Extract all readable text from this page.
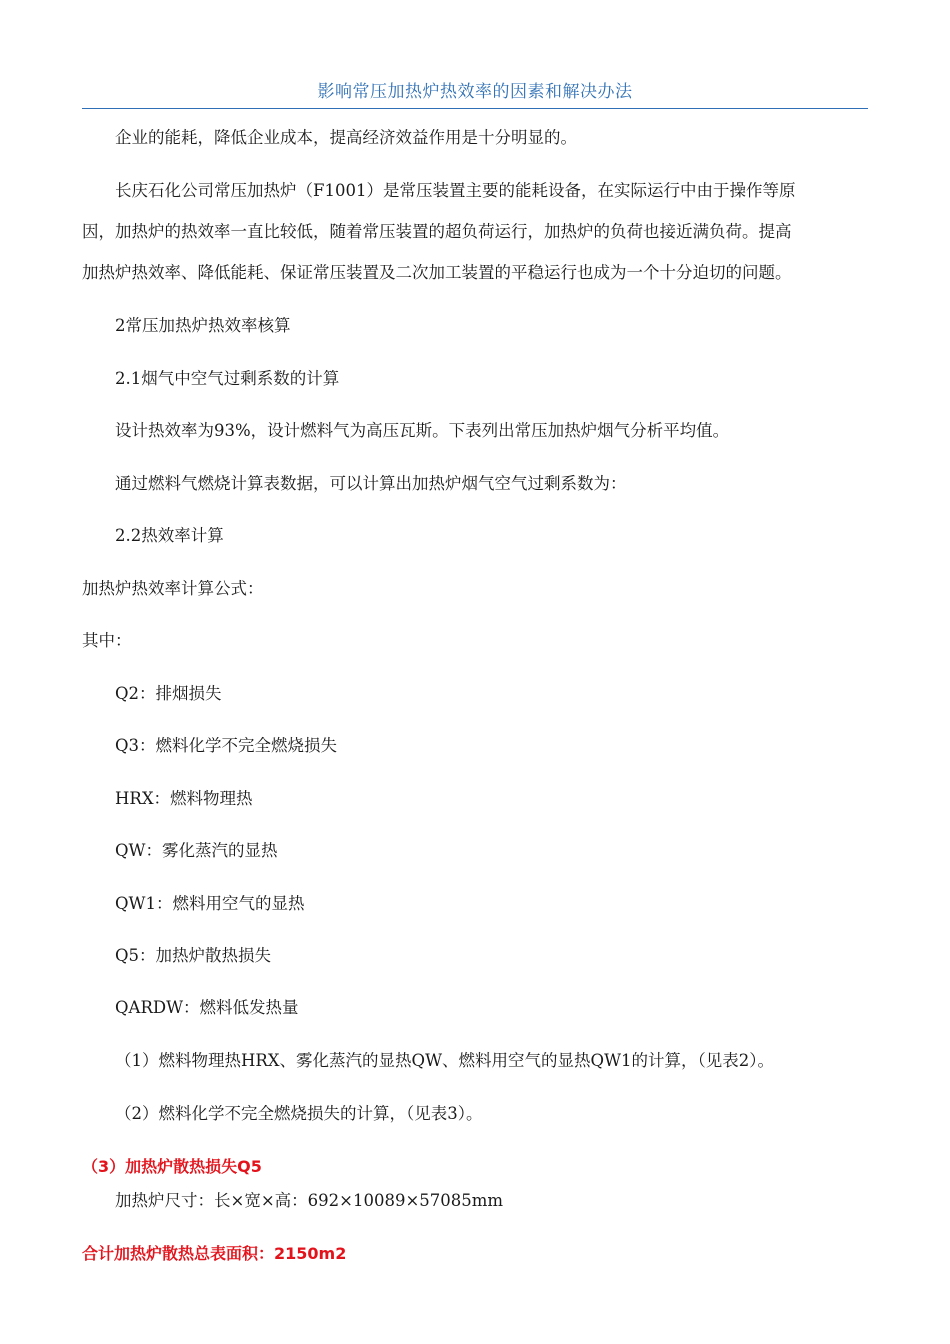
影响常压加热炉热效率的因素和解决办法
企业的能耗，降低企业成本，提高经济效益作用是十分明显的。
长庆石化公司常压加热炉（F1001）是常压装置主要的能耗设备，在实际运行中由于操作等原
因，加热炉的热效率一直比较低，随着常压装置的超负荷运行，加热炉的负荷也接近满负荷。提高
加热炉热效率、降低能耗、保证常压装置及二次加工装置的平稳运行也成为一个十分迫切的问题。
2常压加热炉热效率核算
2.1烟气中空气过剩系数的计算
设计热效率为93%，设计燃料气为高压瓦斯。下表列出常压加热炉烟气分析平均值。
通过燃料气燃烧计算表数据，可以计算出加热炉烟气空气过剩系数为：
2.2热效率计算
加热炉热效率计算公式：
其中：
Q2：排烟损失
Q3：燃料化学不完全燃烧损失
HRX：燃料物理热
QW：雾化蒸汽的显热
QW1：燃料用空气的显热
Q5：加热炉散热损失
QARDW：燃料低发热量
（1）燃料物理热HRX、雾化蒸汽的显热QW、燃料用空气的显热QW1的计算，（见表2）。
（2）燃料化学不完全燃烧损失的计算，（见表3）。
（3）加热炉散热损失Q5
加热炉尺寸：长×宽×高：692×10089×57085mm
合计加热炉散热总表面积：2150m2
